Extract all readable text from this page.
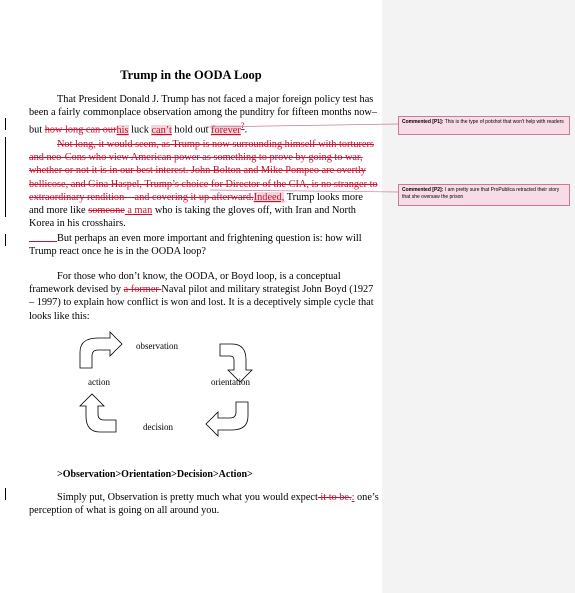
Trump in the OODA Loop
That President Donald J. Trump has not faced a major foreign policy test has been a fairly commonplace observation among the punditry for fifteen months now– but how long can ourhis luck can’t hold out forever?.
Not long, it would seem, as Trump is now surrounding himself with torturers and neo-Cons who view American power as something to prove by going to war, whether or not it is in our best interest. John Bolton and Mike Pompeo are overtly bellicose, and Gina Haspel, Trump’s choice for Director of the CIA, is no stranger to extraordinary rendition – and covering it up afterward.Indeed, Trump looks more and more like someone a man who is taking the gloves off, with Iran and North Korea in his crosshairs.
But perhaps an even more important and frightening question is: how will Trump react once he is in the OODA loop?
For those who don’t know, the OODA, or Boyd loop, is a conceptual framework devised by a former Naval pilot and military strategist John Boyd (1927 – 1997) to explain how conflict is won and lost. It is a deceptively simple cycle that looks like this:
observation
orientation
action
decision
>Observation>Orientation>Decision>Action>
Simply put, Observation is pretty much what you would expect it to be.: one’s perception of what is going on all around you.
Commented [P1]: This is the type of potshot that won't help with readers
Commented [P2]: I am pretty sure that ProPublica retracted their story that she oversaw the prison
